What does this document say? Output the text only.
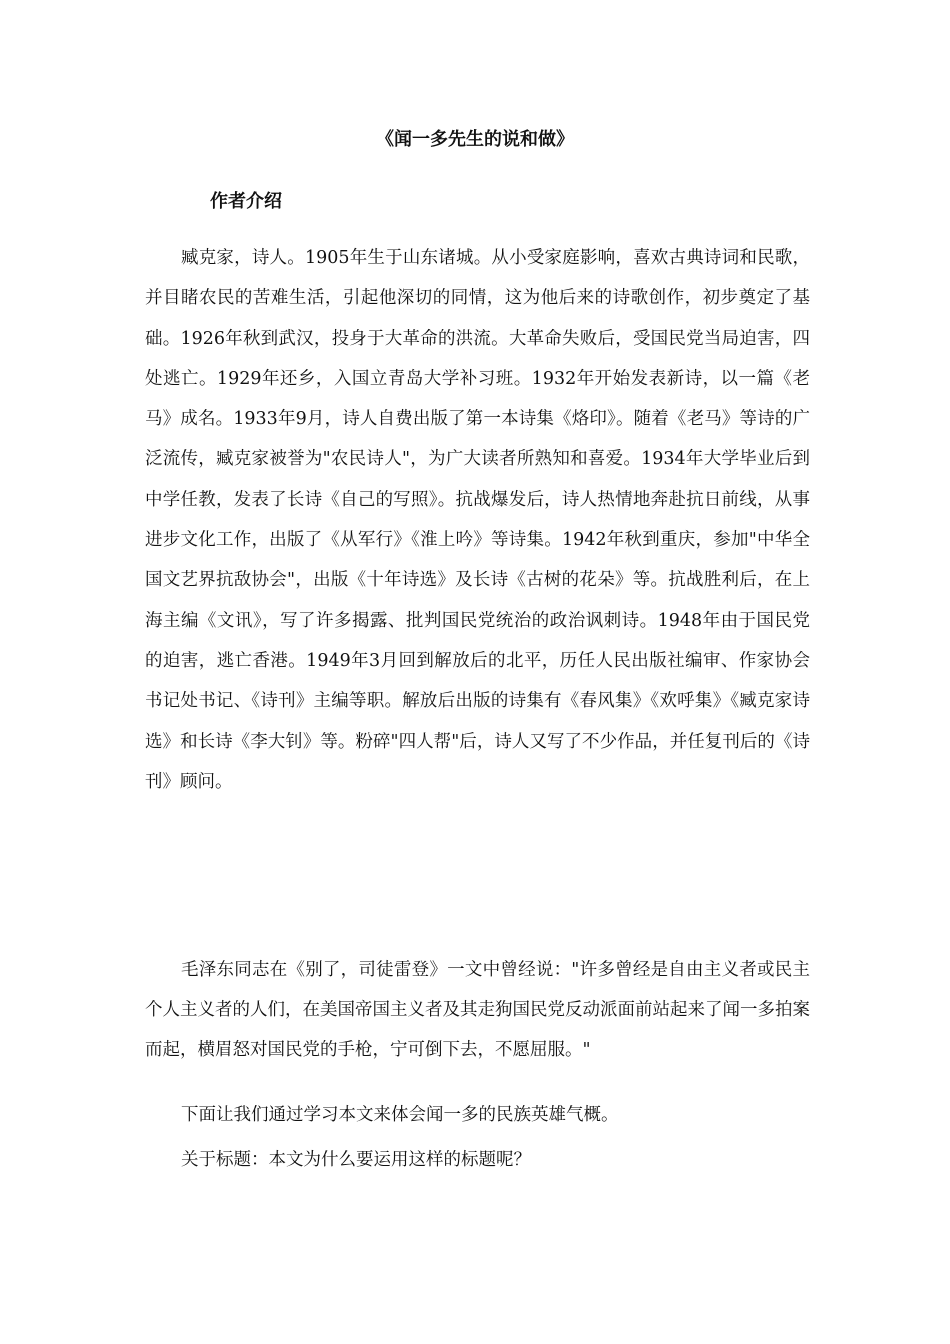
《闻一多先生的说和做》
作者介绍

臧克家，诗人。1905年生于山东诸城。从小受家庭影响，喜欢古典诗词和民歌，并目睹农民的苦难生活，引起他深切的同情，这为他后来的诗歌创作，初步奠定了基础。1926年秋到武汉，投身于大革命的洪流。大革命失败后，受国民党当局迫害，四处逃亡。1929年还乡，入国立青岛大学补习班。1932年开始发表新诗，以一篇《老马》成名。1933年9月，诗人自费出版了第一本诗集《烙印》。随着《老马》等诗的广泛流传，臧克家被誉为"农民诗人"，为广大读者所熟知和喜爱。1934年大学毕业后到中学任教，发表了长诗《自己的写照》。抗战爆发后，诗人热情地奔赴抗日前线，从事进步文化工作，出版了《从军行》《淮上吟》等诗集。1942年秋到重庆，参加"中华全国文艺界抗敌协会"，出版《十年诗选》及长诗《古树的花朵》等。抗战胜利后，在上海主编《文讯》，写了许多揭露、批判国民党统治的政治讽刺诗。1948年由于国民党的迫害，逃亡香港。1949年3月回到解放后的北平，历任人民出版社编审、作家协会书记处书记、《诗刊》主编等职。解放后出版的诗集有《春风集》《欢呼集》《臧克家诗选》和长诗《李大钊》等。粉碎"四人帮"后，诗人又写了不少作品，并任复刊后的《诗刊》顾问。

毛泽东同志在《别了，司徒雷登》一文中曾经说："许多曾经是自由主义者或民主个人主义者的人们，在美国帝国主义者及其走狗国民党反动派面前站起来了闻一多拍案而起，横眉怒对国民党的手枪，宁可倒下去，不愿屈服。"

下面让我们通过学习本文来体会闻一多的民族英雄气概。

关于标题：本文为什么要运用这样的标题呢？
